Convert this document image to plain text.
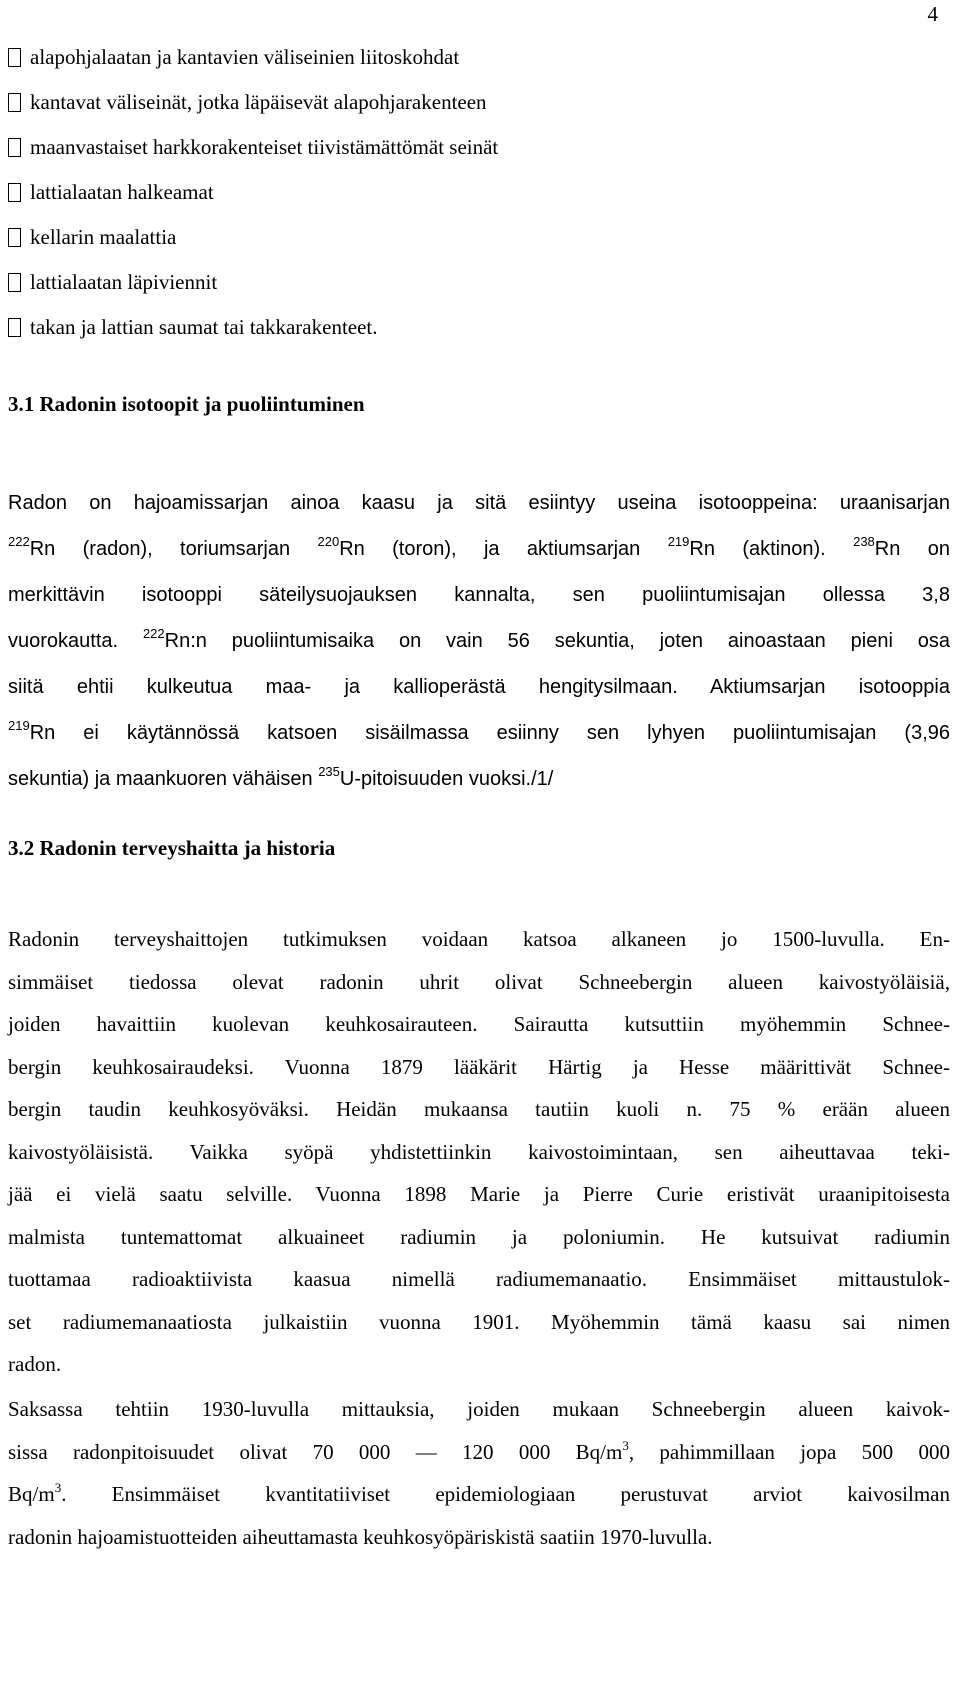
4
alapohjalaatan ja kantavien väliseinien liitoskohdat
kantavat väliseinät, jotka läpäisevät alapohjarakenteen
maanvastaiset harkkorakenteiset tiivistämättömät seinät
lattialaatan halkeamat
kellarin maalattia
lattialaatan läpiviennit
takan ja lattian saumat tai takkarakenteet.
3.1 Radonin isotoopit ja puoliintuminen
Radon on hajoamissarjan ainoa kaasu ja sitä esiintyy useina isotooppeina: uraanisarjan
$^{222}$Rn (radon), toriumsarjan $^{220}$Rn (toron), ja aktiumsarjan $^{219}$Rn (aktinon). $^{238}$Rn on
merkittävin isotooppi säteilysuojauksen kannalta, sen puoliintumisajan ollessa 3,8
vuorokautta. $^{222}$Rn:n puoliintumisaika on vain 56 sekuntia, joten ainoastaan pieni osa
siitä ehtii kulkeutua maa- ja kallioperästä hengitysilmaan. Aktiumsarjan isotooppia
$^{219}$Rn ei käytännössä katsoen sisäilmassa esiinny sen lyhyen puoliintumisajan (3,96
sekuntia) ja maankuoren vähäisen $^{235}$U-pitoisuuden vuoksi./1/
3.2 Radonin terveyshaitta ja historia
Radonin terveyshaittojen tutkimuksen voidaan katsoa alkaneen jo 1500-luvulla. En-
simmäiset tiedossa olevat radonin uhrit olivat Schneebergin alueen kaivostyöläisiä,
joiden havaittiin kuolevan keuhkosairauteen. Sairautta kutsuttiin myöhemmin Schnee-
bergin keuhkosairaudeksi. Vuonna 1879 lääkärit Härtig ja Hesse määrittivät Schnee-
bergin taudin keuhkosyöväksi. Heidän mukaansa tautiin kuoli n. 75 % erään alueen
kaivostyöläisistä. Vaikka syöpä yhdistettiinkin kaivostoimintaan, sen aiheuttavaa teki-
jää ei vielä saatu selville. Vuonna 1898 Marie ja Pierre Curie eristivät uraanipitoisesta
malmista tuntemattomat alkuaineet radiumin ja poloniumin. He kutsuivat radiumin
tuottamaa radioaktiivista kaasua nimellä radiumemanaatio. Ensimmäiset mittaustulok-
set radiumemanaatiosta julkaistiin vuonna 1901. Myöhemmin tämä kaasu sai nimen
radon.
Saksassa tehtiin 1930-luvulla mittauksia, joiden mukaan Schneebergin alueen kaivok-
sissa radonpitoisuudet olivat 70 000 — 120 000 $Bq/m^3$, pahimmillaan jopa 500 000
$Bq/m^3$. Ensimmäiset kvantitatiiviset epidemiologiaan perustuvat arviot kaivosilman
radonin hajoamistuotteiden aiheuttamasta keuhkosyöpäriskistä saatiin 1970-luvulla.
